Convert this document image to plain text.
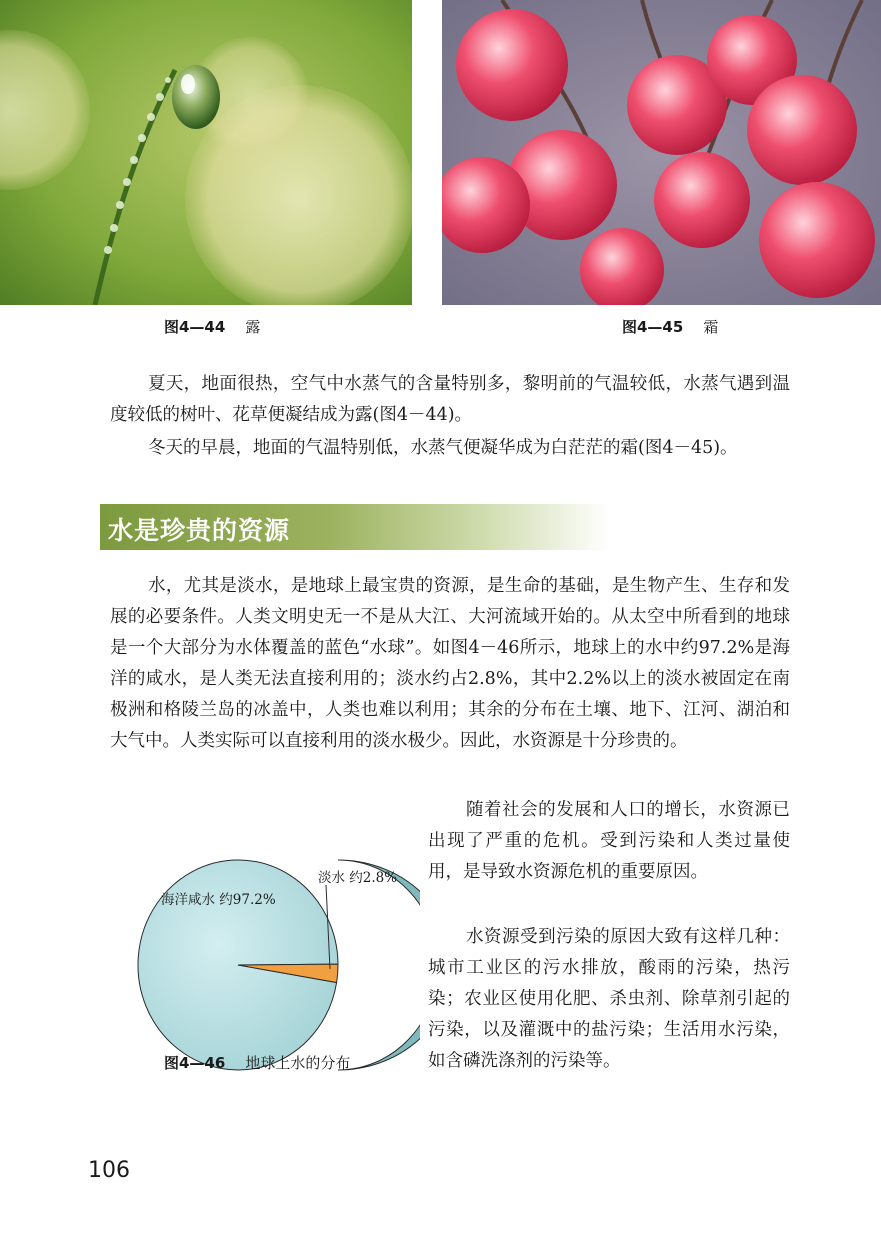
图4—44 露	图4—45 霜

夏天，地面很热，空气中水蒸气的含量特别多，黎明前的气温较低，水蒸气遇到温度较低的树叶、花草便凝结成为露(图4－44)。

冬天的早晨，地面的气温特别低，水蒸气便凝华成为白茫茫的霜(图4－45)。

水是珍贵的资源

水，尤其是淡水，是地球上最宝贵的资源，是生命的基础，是生物产生、生存和发展的必要条件。人类文明史无一不是从大江、大河流域开始的。从太空中所看到的地球是一个大部分为水体覆盖的蓝色“水球”。如图4－46所示，地球上的水中约97.2%是海洋的咸水，是人类无法直接利用的；淡水约占2.8%，其中2.2%以上的淡水被固定在南极洲和格陵兰岛的冰盖中，人类也难以利用；其余的分布在土壤、地下、江河、湖泊和大气中。人类实际可以直接利用的淡水极少。因此，水资源是十分珍贵的。

海洋咸水 约97.2%
淡水 约2.8%
图4—46 地球上水的分布

随着社会的发展和人口的增长，水资源已出现了严重的危机。受到污染和人类过量使用，是导致水资源危机的重要原因。

水资源受到污染的原因大致有这样几种：城市工业区的污水排放，酸雨的污染，热污染；农业区使用化肥、杀虫剂、除草剂引起的污染，以及灌溉中的盐污染；生活用水污染，如含磷洗涤剂的污染等。

106
